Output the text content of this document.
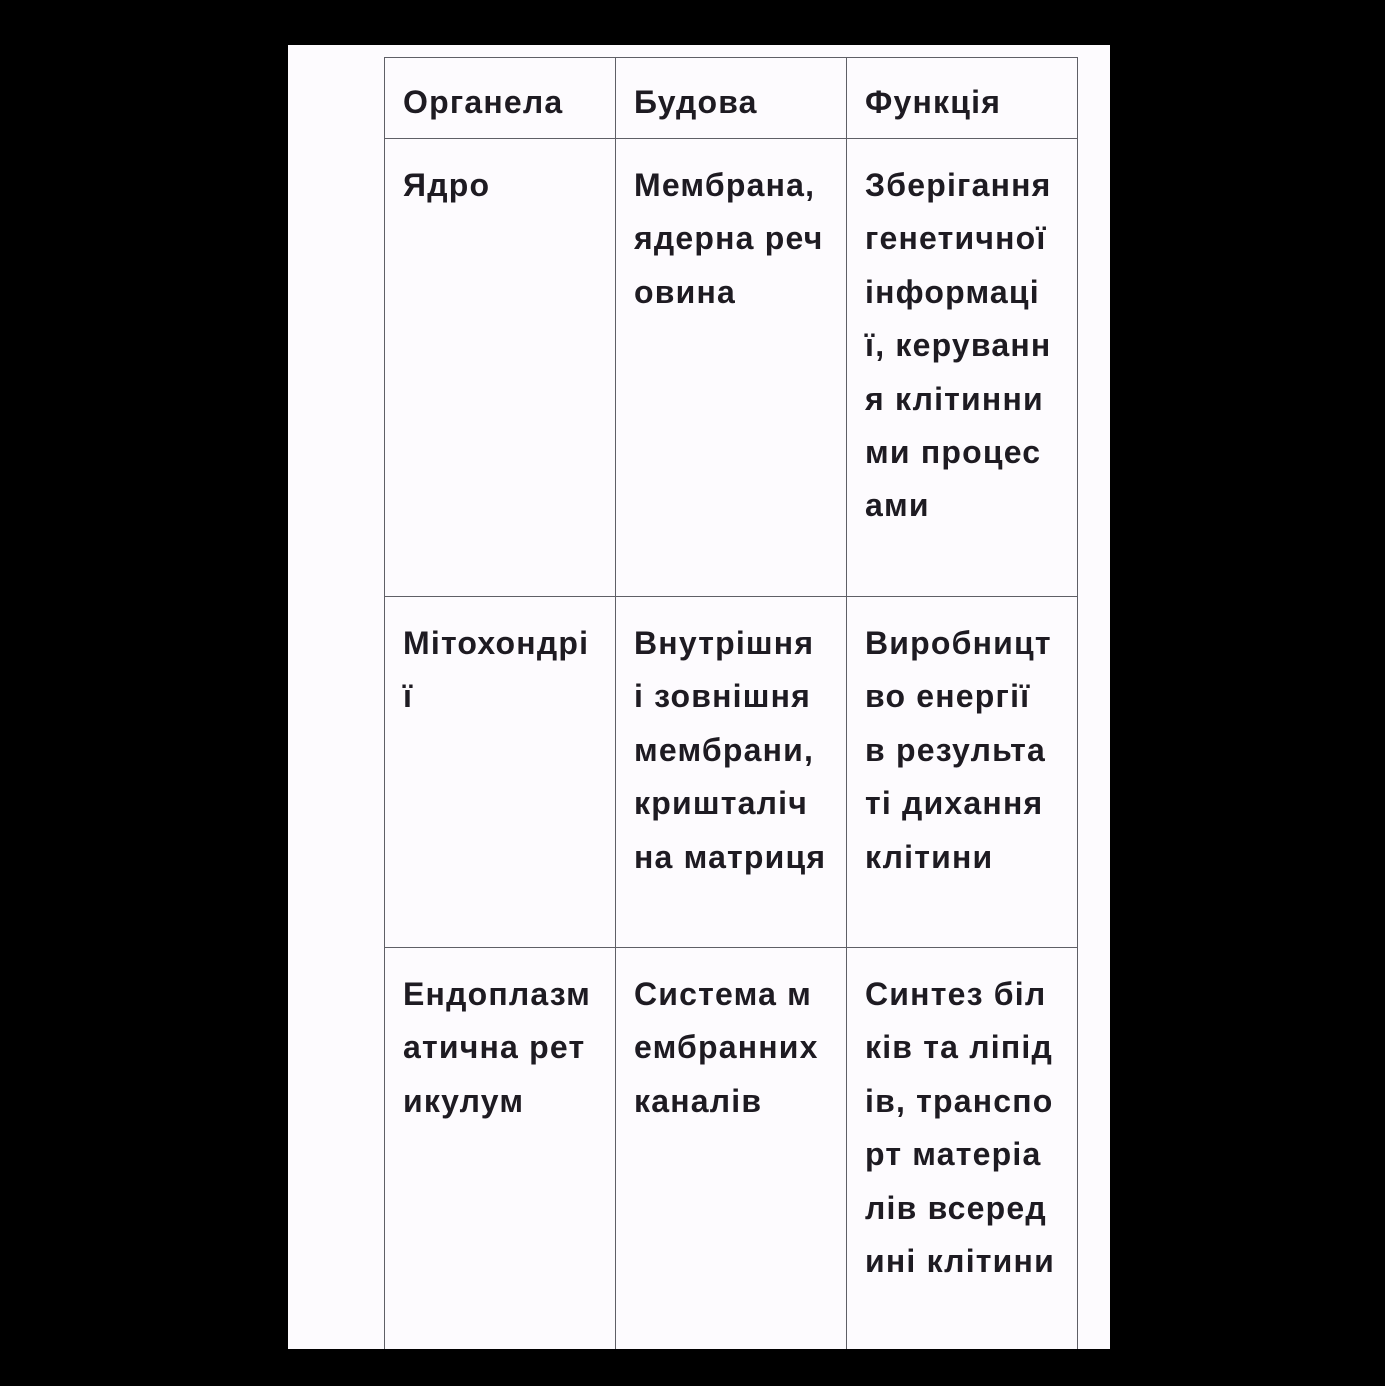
Органела	Будова	Функція
Ядро	Мембрана, ядерна речовина	Зберігання генетичної інформації, керування клітинними процесами
Мітохондрії	Внутрішня і зовнішня мембрани, кришталічна матриця	Виробництво енергії в результаті дихання клітини
Ендоплазматична ретикулум	Система мембранних каналів	Синтез білків та ліпідів, транспорт матеріалів всередині клітини
